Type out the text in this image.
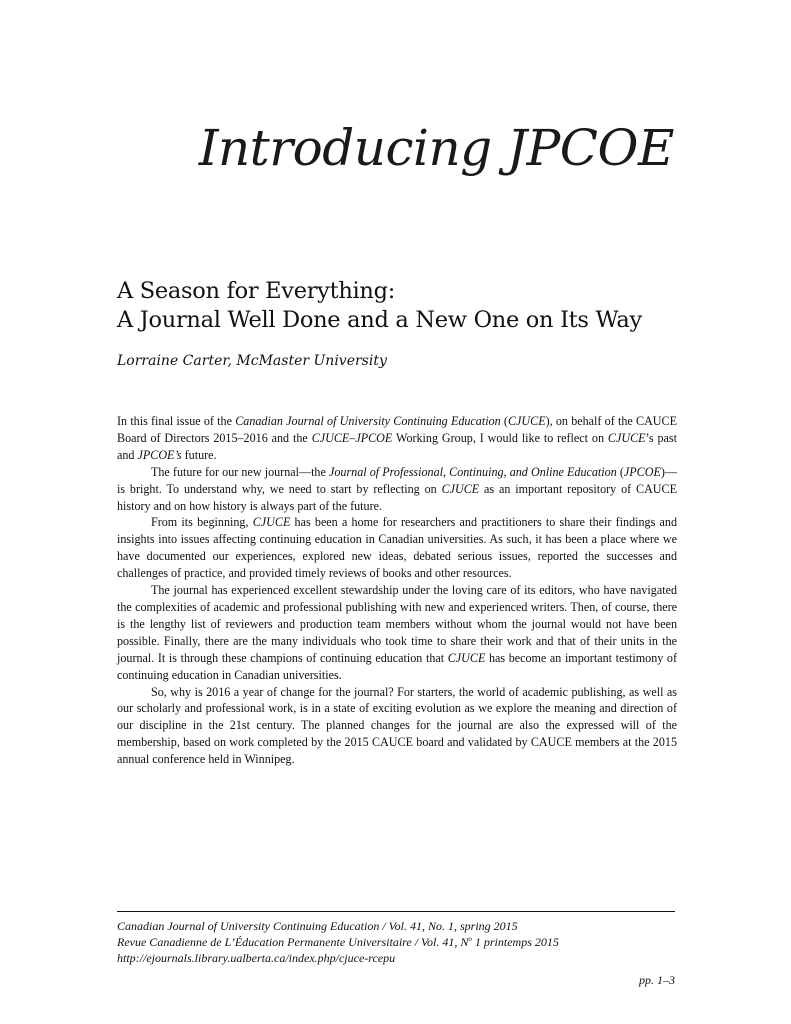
Introducing JPCOE
A Season for Everything:
A Journal Well Done and a New One on Its Way
Lorraine Carter, McMaster University

In this final issue of the Canadian Journal of University Continuing Education (CJUCE), on behalf of the CAUCE Board of Directors 2015–2016 and the CJUCE–JPCOE Working Group, I would like to reflect on CJUCE’s past and JPCOE’s future.

The future for our new journal—the Journal of Professional, Continuing, and Online Education (JPCOE)—is bright. To understand why, we need to start by reflecting on CJUCE as an important repository of CAUCE history and on how history is always part of the future.

From its beginning, CJUCE has been a home for researchers and practitioners to share their findings and insights into issues affecting continuing education in Canadian universities. As such, it has been a place where we have documented our experiences, explored new ideas, debated serious issues, reported the successes and challenges of practice, and provided timely reviews of books and other resources.

The journal has experienced excellent stewardship under the loving care of its editors, who have navigated the complexities of academic and professional publishing with new and experienced writers. Then, of course, there is the lengthy list of reviewers and production team members without whom the journal would not have been possible. Finally, there are the many individuals who took time to share their work and that of their units in the journal. It is through these champions of continuing education that CJUCE has become an important testimony of continuing education in Canadian universities.

So, why is 2016 a year of change for the journal? For starters, the world of academic publishing, as well as our scholarly and professional work, is in a state of exciting evolution as we explore the meaning and direction of our discipline in the 21st century. The planned changes for the journal are also the expressed will of the membership, based on work completed by the 2015 CAUCE board and validated by CAUCE members at the 2015 annual conference held in Winnipeg.

Canadian Journal of University Continuing Education / Vol. 41, No. 1, spring 2015
Revue Canadienne de L’Éducation Permanente Universitaire / Vol. 41, $N^o$ 1 printemps 2015
http://ejournals.library.ualberta.ca/index.php/cjuce-rcepu
pp. 1–3
